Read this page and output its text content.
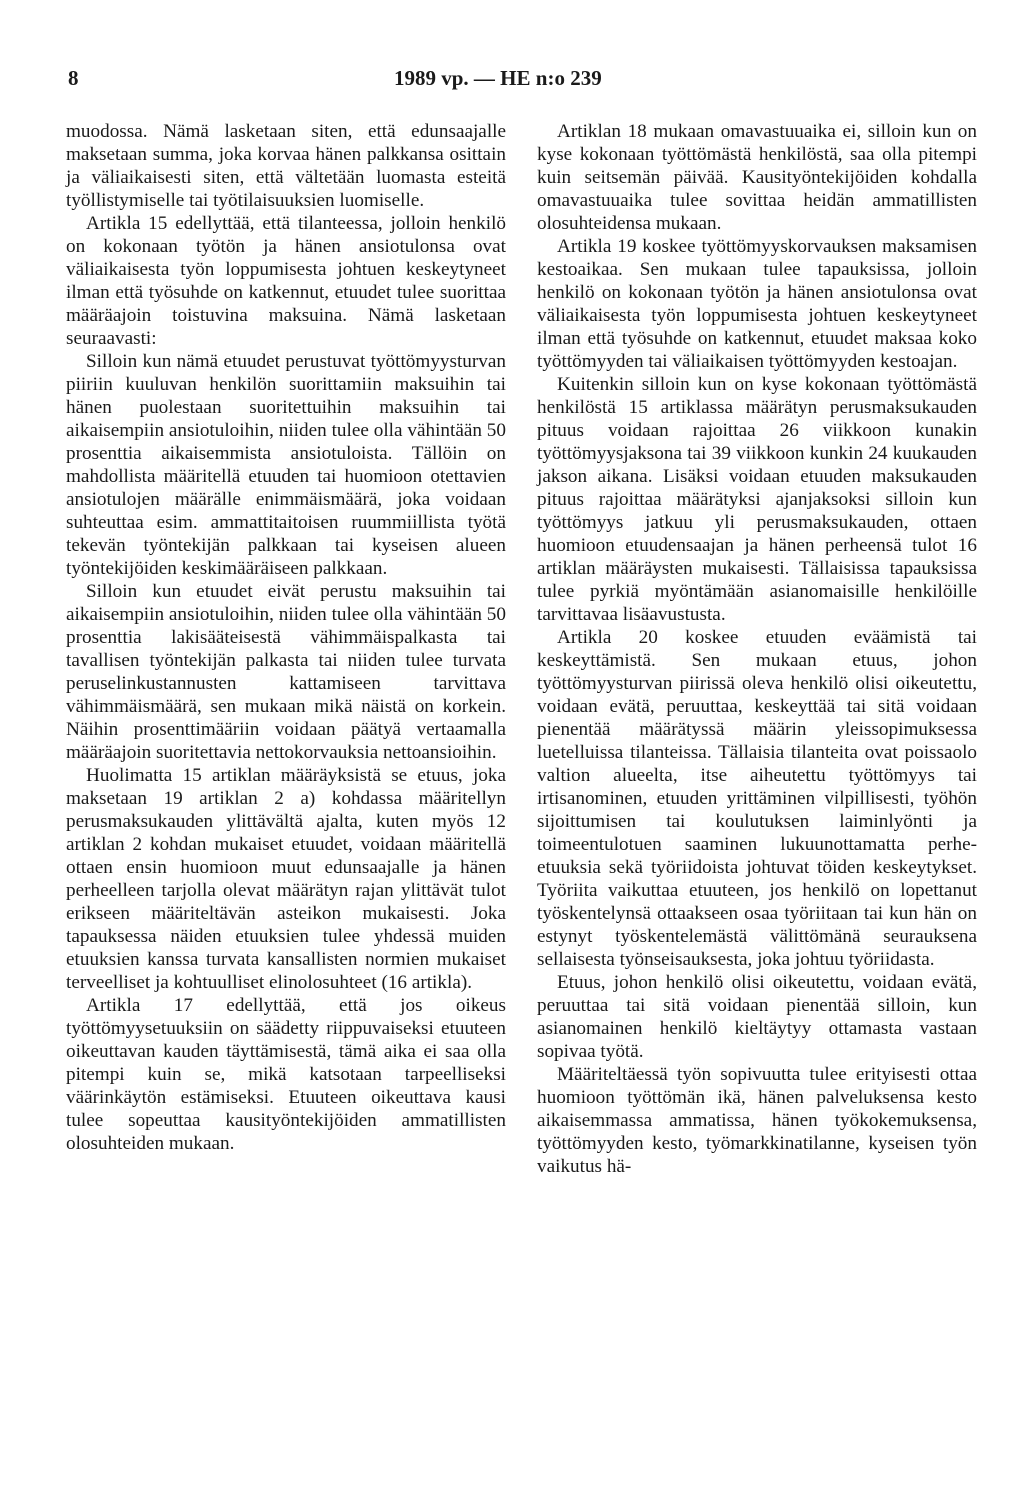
8	1989 vp. — HE n:o 239

muodossa. Nämä lasketaan siten, että edunsaajalle maksetaan summa, joka korvaa hänen palkkansa osittain ja väliaikaisesti siten, että vältetään luomasta esteitä työllistymiselle tai työtilaisuuksien luomiselle.

Artikla 15 edellyttää, että tilanteessa, jolloin henkilö on kokonaan työtön ja hänen ansiotulonsa ovat väliaikaisesta työn loppumisesta johtuen keskeytyneet ilman että työsuhde on katkennut, etuudet tulee suorittaa määräajoin toistuvina maksuina. Nämä lasketaan seuraavasti:

Silloin kun nämä etuudet perustuvat työttömyysturvan piiriin kuuluvan henkilön suorittamiin maksuihin tai hänen puolestaan suoritettuihin maksuihin tai aikaisempiin ansiotuloihin, niiden tulee olla vähintään 50 prosenttia aikaisemmista ansiotuloista. Tällöin on mahdollista määritellä etuuden tai huomioon otettavien ansiotulojen määrälle enimmäismäärä, joka voidaan suhteuttaa esim. ammattitaitoisen ruummiillista työtä tekevän työntekijän palkkaan tai kyseisen alueen työntekijöiden keskimääräiseen palkkaan.

Silloin kun etuudet eivät perustu maksuihin tai aikaisempiin ansiotuloihin, niiden tulee olla vähintään 50 prosenttia lakisääteisestä vähimmäispalkasta tai tavallisen työntekijän palkasta tai niiden tulee turvata peruselinkustannusten kattamiseen tarvittava vähimmäismäärä, sen mukaan mikä näistä on korkein. Näihin prosenttimääriin voidaan päätyä vertaamalla määräajoin suoritettavia nettokorvauksia nettoansioihin.

Huolimatta 15 artiklan määräyksistä se etuus, joka maksetaan 19 artiklan 2 a) kohdassa määritellyn perusmaksukauden ylittävältä ajalta, kuten myös 12 artiklan 2 kohdan mukaiset etuudet, voidaan määritellä ottaen ensin huomioon muut edunsaajalle ja hänen perheelleen tarjolla olevat määrätyn rajan ylittävät tulot erikseen määriteltävän asteikon mukaisesti. Joka tapauksessa näiden etuuksien tulee yhdessä muiden etuuksien kanssa turvata kansallisten normien mukaiset terveelliset ja kohtuulliset elinolosuhteet (16 artikla).

Artikla 17 edellyttää, että jos oikeus työttömyysetuuksiin on säädetty riippuvaiseksi etuuteen oikeuttavan kauden täyttämisestä, tämä aika ei saa olla pitempi kuin se, mikä katsotaan tarpeelliseksi väärinkäytön estämiseksi. Etuuteen oikeuttava kausi tulee sopeuttaa kausityöntekijöiden ammatillisten olosuhteiden mukaan.

Artiklan 18 mukaan omavastuuaika ei, silloin kun on kyse kokonaan työttömästä henkilöstä, saa olla pitempi kuin seitsemän päivää. Kausityöntekijöiden kohdalla omavastuuaika tulee sovittaa heidän ammatillisten olosuhteidensa mukaan.

Artikla 19 koskee työttömyyskorvauksen maksamisen kestoaikaa. Sen mukaan tulee tapauksissa, jolloin henkilö on kokonaan työtön ja hänen ansiotulonsa ovat väliaikaisesta työn loppumisesta johtuen keskeytyneet ilman että työsuhde on katkennut, etuudet maksaa koko työttömyyden tai väliaikaisen työttömyyden kestoajan.

Kuitenkin silloin kun on kyse kokonaan työttömästä henkilöstä 15 artiklassa määrätyn perusmaksukauden pituus voidaan rajoittaa 26 viikkoon kunakin työttömyysjaksona tai 39 viikkoon kunkin 24 kuukauden jakson aikana. Lisäksi voidaan etuuden maksukauden pituus rajoittaa määrätyksi ajanjaksoksi silloin kun työttömyys jatkuu yli perusmaksukauden, ottaen huomioon etuudensaajan ja hänen perheensä tulot 16 artiklan määräysten mukaisesti. Tällaisissa tapauksissa tulee pyrkiä myöntämään asianomaisille henkilöille tarvittavaa lisäavustusta.

Artikla 20 koskee etuuden eväämistä tai keskeyttämistä. Sen mukaan etuus, johon työttömyysturvan piirissä oleva henkilö olisi oikeutettu, voidaan evätä, peruuttaa, keskeyttää tai sitä voidaan pienentää määrätyssä määrin yleissopimuksessa luetelluissa tilanteissa. Tällaisia tilanteita ovat poissaolo valtion alueelta, itse aiheutettu työttömyys tai irtisanominen, etuuden yrittäminen vilpillisesti, työhön sijoittumisen tai koulutuksen laiminlyönti ja toimeentulotuen saaminen lukuunottamatta perhe-etuuksia sekä työriidoista johtuvat töiden keskeytykset. Työriita vaikuttaa etuuteen, jos henkilö on lopettanut työskentelynsä ottaakseen osaa työriitaan tai kun hän on estynyt työskentelemästä välittömänä seurauksena sellaisesta työnseisauksesta, joka johtuu työriidasta.

Etuus, johon henkilö olisi oikeutettu, voidaan evätä, peruuttaa tai sitä voidaan pienentää silloin, kun asianomainen henkilö kieltäytyy ottamasta vastaan sopivaa työtä.

Määriteltäessä työn sopivuutta tulee erityisesti ottaa huomioon työttömän ikä, hänen palveluksensa kesto aikaisemmassa ammatissa, hänen työkokemuksensa, työttömyyden kesto, työmarkkinatilanne, kyseisen työn vaikutus hä-
